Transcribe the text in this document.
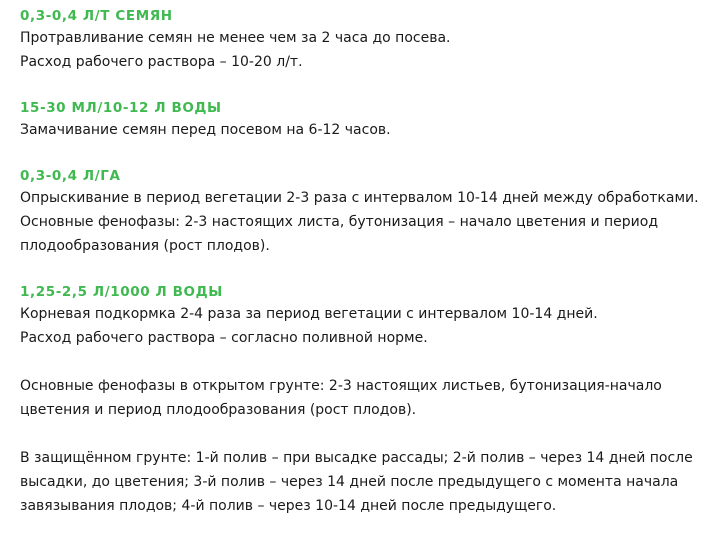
0,3-0,4 Л/Т СЕМЯН
Протравливание семян не менее чем за 2 часа до посева.
Расход рабочего раствора – 10-20 л/т.
15-30 МЛ/10-12 Л ВОДЫ
Замачивание семян перед посевом на 6-12 часов.
0,3-0,4 Л/ГА
Опрыскивание в период вегетации 2-3 раза с интервалом 10-14 дней между обработками.
Основные фенофазы: 2-3 настоящих листа, бутонизация – начало цветения и период
плодообразования (рост плодов).
1,25-2,5 Л/1000 Л ВОДЫ
Корневая подкормка 2-4 раза за период вегетации с интервалом 10-14 дней.
Расход рабочего раствора – согласно поливной норме.
Основные фенофазы в открытом грунте: 2-3 настоящих листьев, бутонизация-начало
цветения и период плодообразования (рост плодов).
В защищённом грунте: 1-й полив – при высадке рассады; 2-й полив – через 14 дней после
высадки, до цветения; 3-й полив – через 14 дней после предыдущего с момента начала
завязывания плодов; 4-й полив – через 10-14 дней после предыдущего.
